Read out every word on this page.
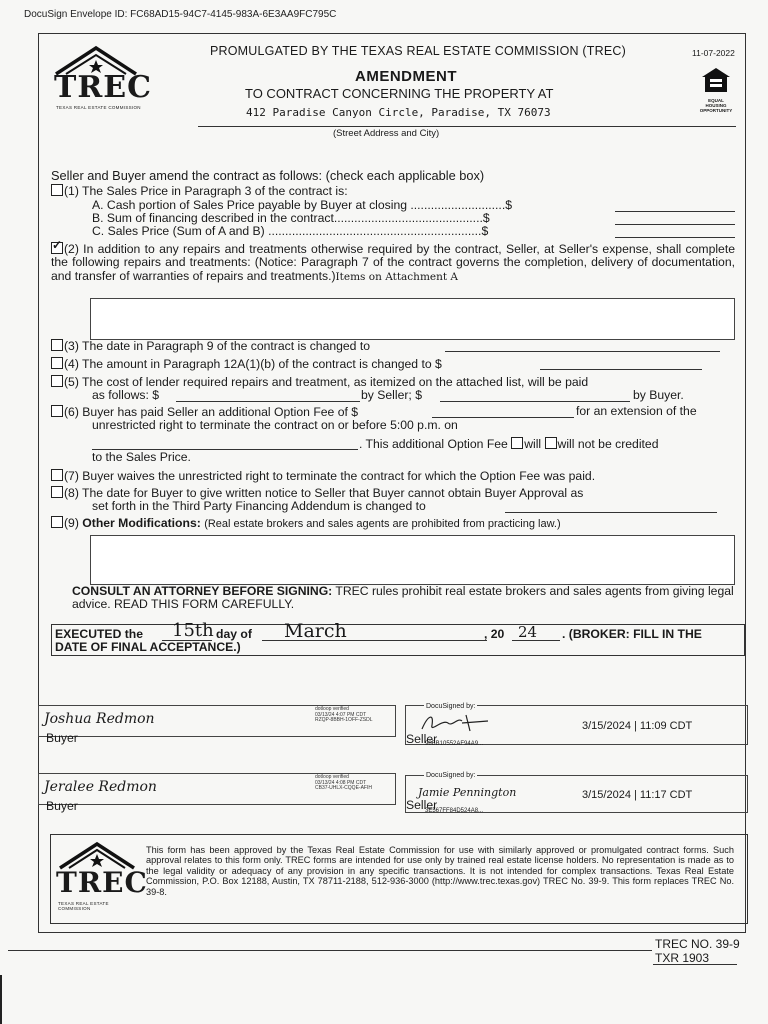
DocuSign Envelope ID: FC68AD15-94C7-4145-983A-6E3AA9FC795C
TREC
TEXAS REAL ESTATE COMMISSION
PROMULGATED BY THE TEXAS REAL ESTATE COMMISSION (TREC)	11-07-2022
AMENDMENT
TO CONTRACT CONCERNING THE PROPERTY AT
412 Paradise Canyon Circle, Paradise, TX 76073
(Street Address and City)
EQUAL
HOUSING
OPPORTUNITY
Seller and Buyer amend the contract as follows: (check each applicable box)
(1) The Sales Price in Paragraph 3 of the contract is:
A. Cash portion of Sales Price payable by Buyer at closing ............................$
B. Sum of financing described in the contract............................................$
C. Sales Price (Sum of A and B) ...............................................................$
✓(2) In addition to any repairs and treatments otherwise required by the contract, Seller, at Seller's expense, shall complete the following repairs and treatments: (Notice: Paragraph 7 of the contract governs the completion, delivery of documentation, and transfer of warranties of repairs and treatments.)Items on Attachment A
(3) The date in Paragraph 9 of the contract is changed to
(4) The amount in Paragraph 12A(1)(b) of the contract is changed to $
(5) The cost of lender required repairs and treatment, as itemized on the attached list, will be paid
as follows: $	by Seller; $	by Buyer.
(6) Buyer has paid Seller an additional Option Fee of $	for an extension of the
unrestricted right to terminate the contract on or before 5:00 p.m. on
. This additional Option Fee will will not be credited
to the Sales Price.
(7) Buyer waives the unrestricted right to terminate the contract for which the Option Fee was paid.
(8) The date for Buyer to give written notice to Seller that Buyer cannot obtain Buyer Approval as
set forth in the Third Party Financing Addendum is changed to
(9) Other Modifications: (Real estate brokers and sales agents are prohibited from practicing law.)
CONSULT AN ATTORNEY BEFORE SIGNING: TREC rules prohibit real estate brokers and sales agents from giving legal advice. READ THIS FORM CAREFULLY.
EXECUTED the 15th day of March	, 20 24 . (BROKER: FILL IN THE
DATE OF FINAL ACCEPTANCE.)
Joshua Redmon
dotloop verified
03/13/24 4:07 PM CDT
RZQP-8BBH-1OFF-ZSDL
Buyer
DocuSigned by:
Seller
98BB10552AF94A9...
3/15/2024 | 11:09 CDT
Jeralee Redmon
dotloop verified
03/13/24 4:08 PM CDT
CB37-UHLX-CQQE-AFIH
Buyer
DocuSigned by:
Jamie Pennington
Seller
3E567FF84D524A8...
3/15/2024 | 11:17 CDT
TREC
TEXAS REAL ESTATE COMMISSION
This form has been approved by the Texas Real Estate Commission for use with similarly approved or promulgated contract forms. Such approval relates to this form only. TREC forms are intended for use only by trained real estate license holders. No representation is made as to the legal validity or adequacy of any provision in any specific transactions. It is not intended for complex transactions. Texas Real Estate Commission, P.O. Box 12188, Austin, TX 78711-2188, 512-936-3000 (http://www.trec.texas.gov) TREC No. 39-9. This form replaces TREC No. 39-8.
TREC NO. 39-9
TXR 1903
